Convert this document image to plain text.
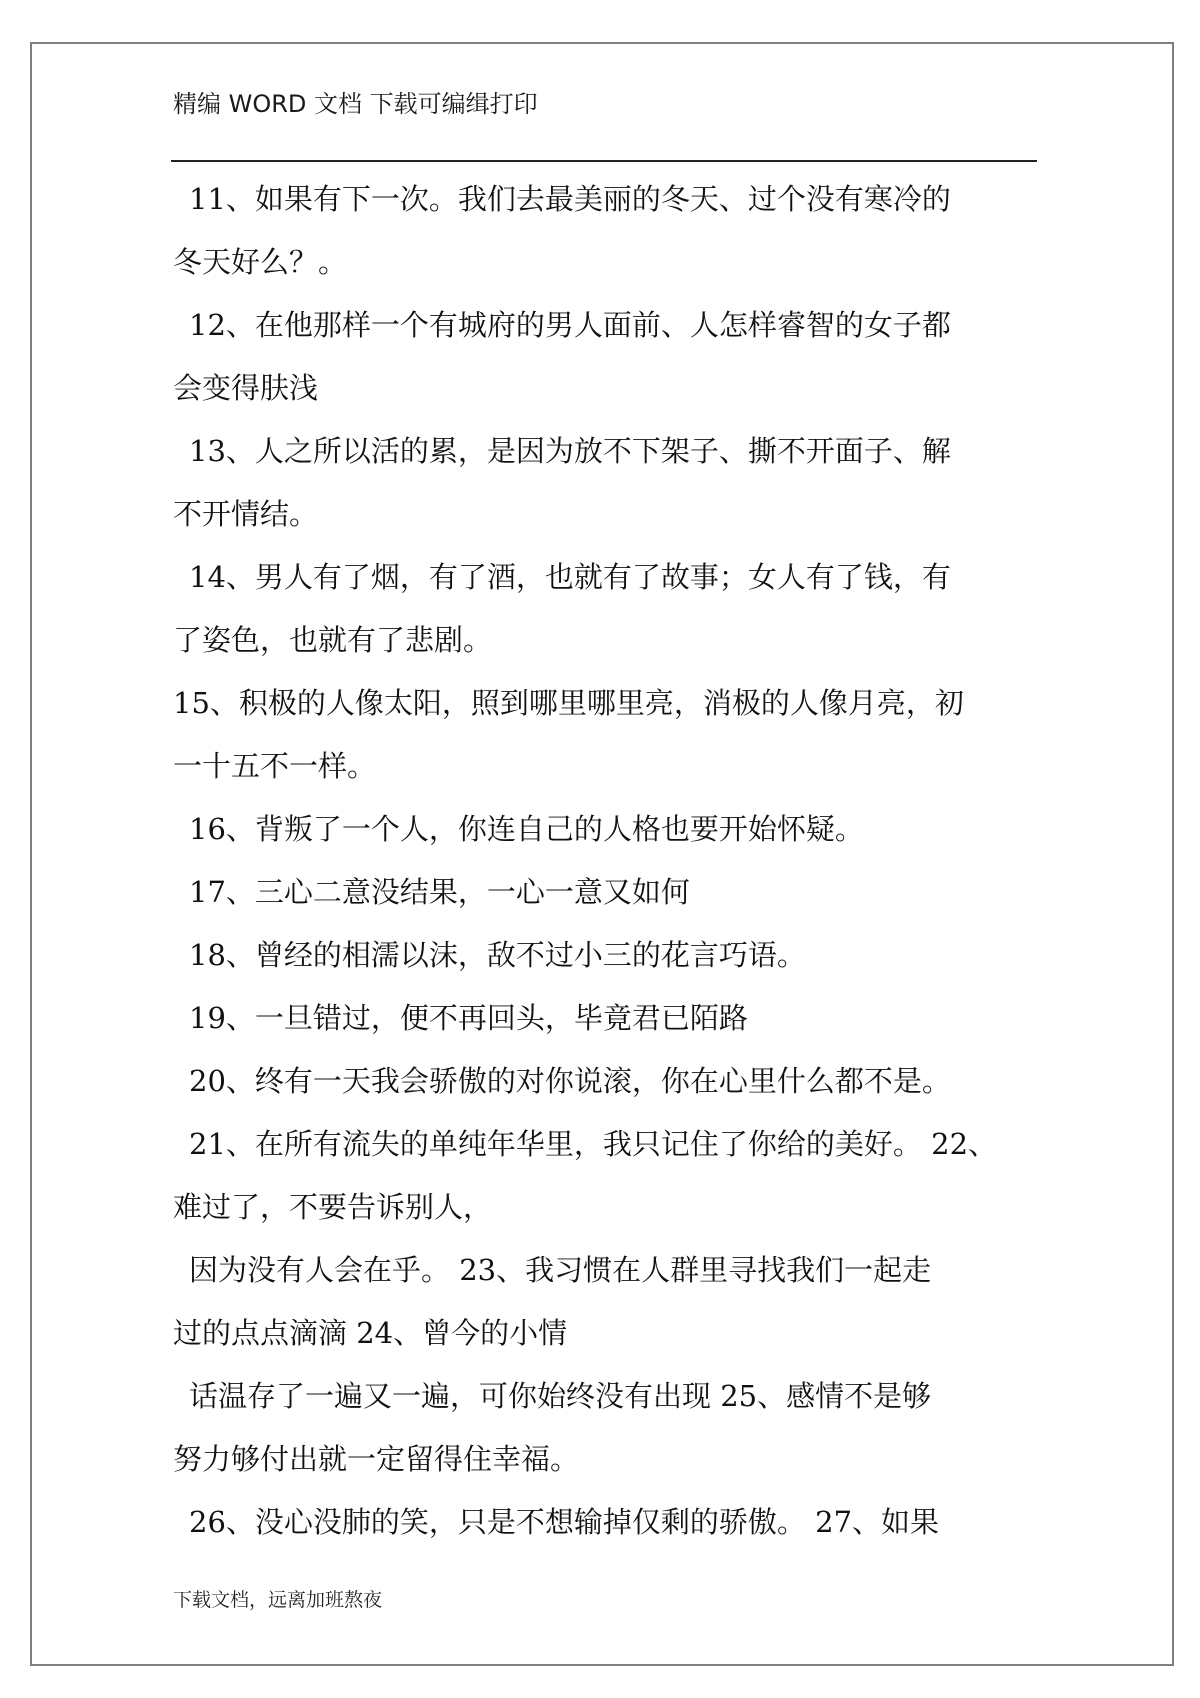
精编 WORD 文档 下载可编缉打印
11、如果有下一次。我们去最美丽的冬天、过个没有寒冷的
冬天好么？。
12、在他那样一个有城府的男人面前、人怎样睿智的女子都
会变得肤浅
13、人之所以活的累，是因为放不下架子、撕不开面子、解
不开情结。
14、男人有了烟，有了酒，也就有了故事；女人有了钱，有
了姿色，也就有了悲剧。
15、积极的人像太阳，照到哪里哪里亮，消极的人像月亮，初
一十五不一样。
16、背叛了一个人，你连自己的人格也要开始怀疑。
17、三心二意没结果，一心一意又如何
18、曾经的相濡以沫，敌不过小三的花言巧语。
19、一旦错过，便不再回头，毕竟君已陌路
20、终有一天我会骄傲的对你说滚，你在心里什么都不是。
21、在所有流失的单纯年华里，我只记住了你给的美好。 22、
难过了，不要告诉别人，
因为没有人会在乎。 23、我习惯在人群里寻找我们一起走
过的点点滴滴 24、曾今的小情
话温存了一遍又一遍，可你始终没有出现 25、感情不是够
努力够付出就一定留得住幸福。
26、没心没肺的笑，只是不想输掉仅剩的骄傲。 27、如果
下载文档，远离加班熬夜
